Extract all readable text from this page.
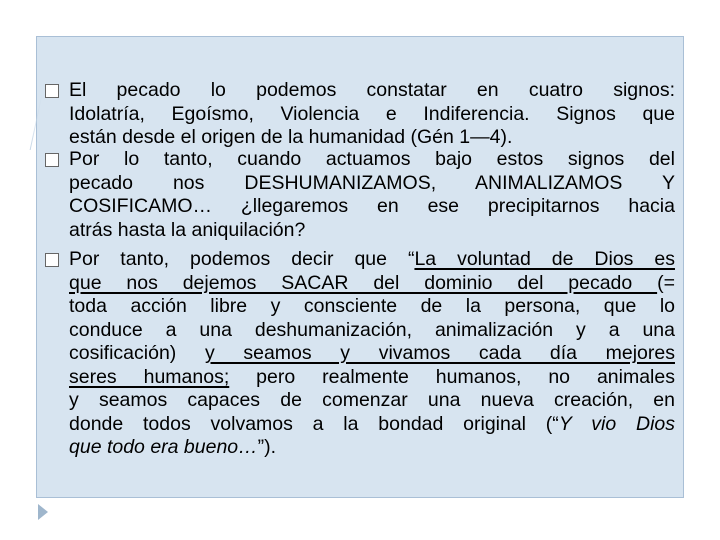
El pecado lo podemos constatar en cuatro signos:
Idolatría, Egoísmo, Violencia e Indiferencia. Signos que
están desde el origen de la humanidad (Gén 1—4).
Por lo tanto, cuando actuamos bajo estos signos del
pecado nos DESHUMANIZAMOS, ANIMALIZAMOS Y
COSIFICAMO… ¿llegaremos en ese precipitarnos hacia
atrás hasta la aniquilación?
Por tanto, podemos decir que “La voluntad de Dios es
que nos dejemos SACAR del dominio del pecado (=
toda acción libre y consciente de la persona, que lo
conduce a una deshumanización, animalización y a una
cosificación) y seamos y vivamos cada día mejores
seres humanos; pero realmente humanos, no animales
y seamos capaces de comenzar una nueva creación, en
donde todos volvamos a la bondad original (“Y vio Dios
que todo era bueno…”).
